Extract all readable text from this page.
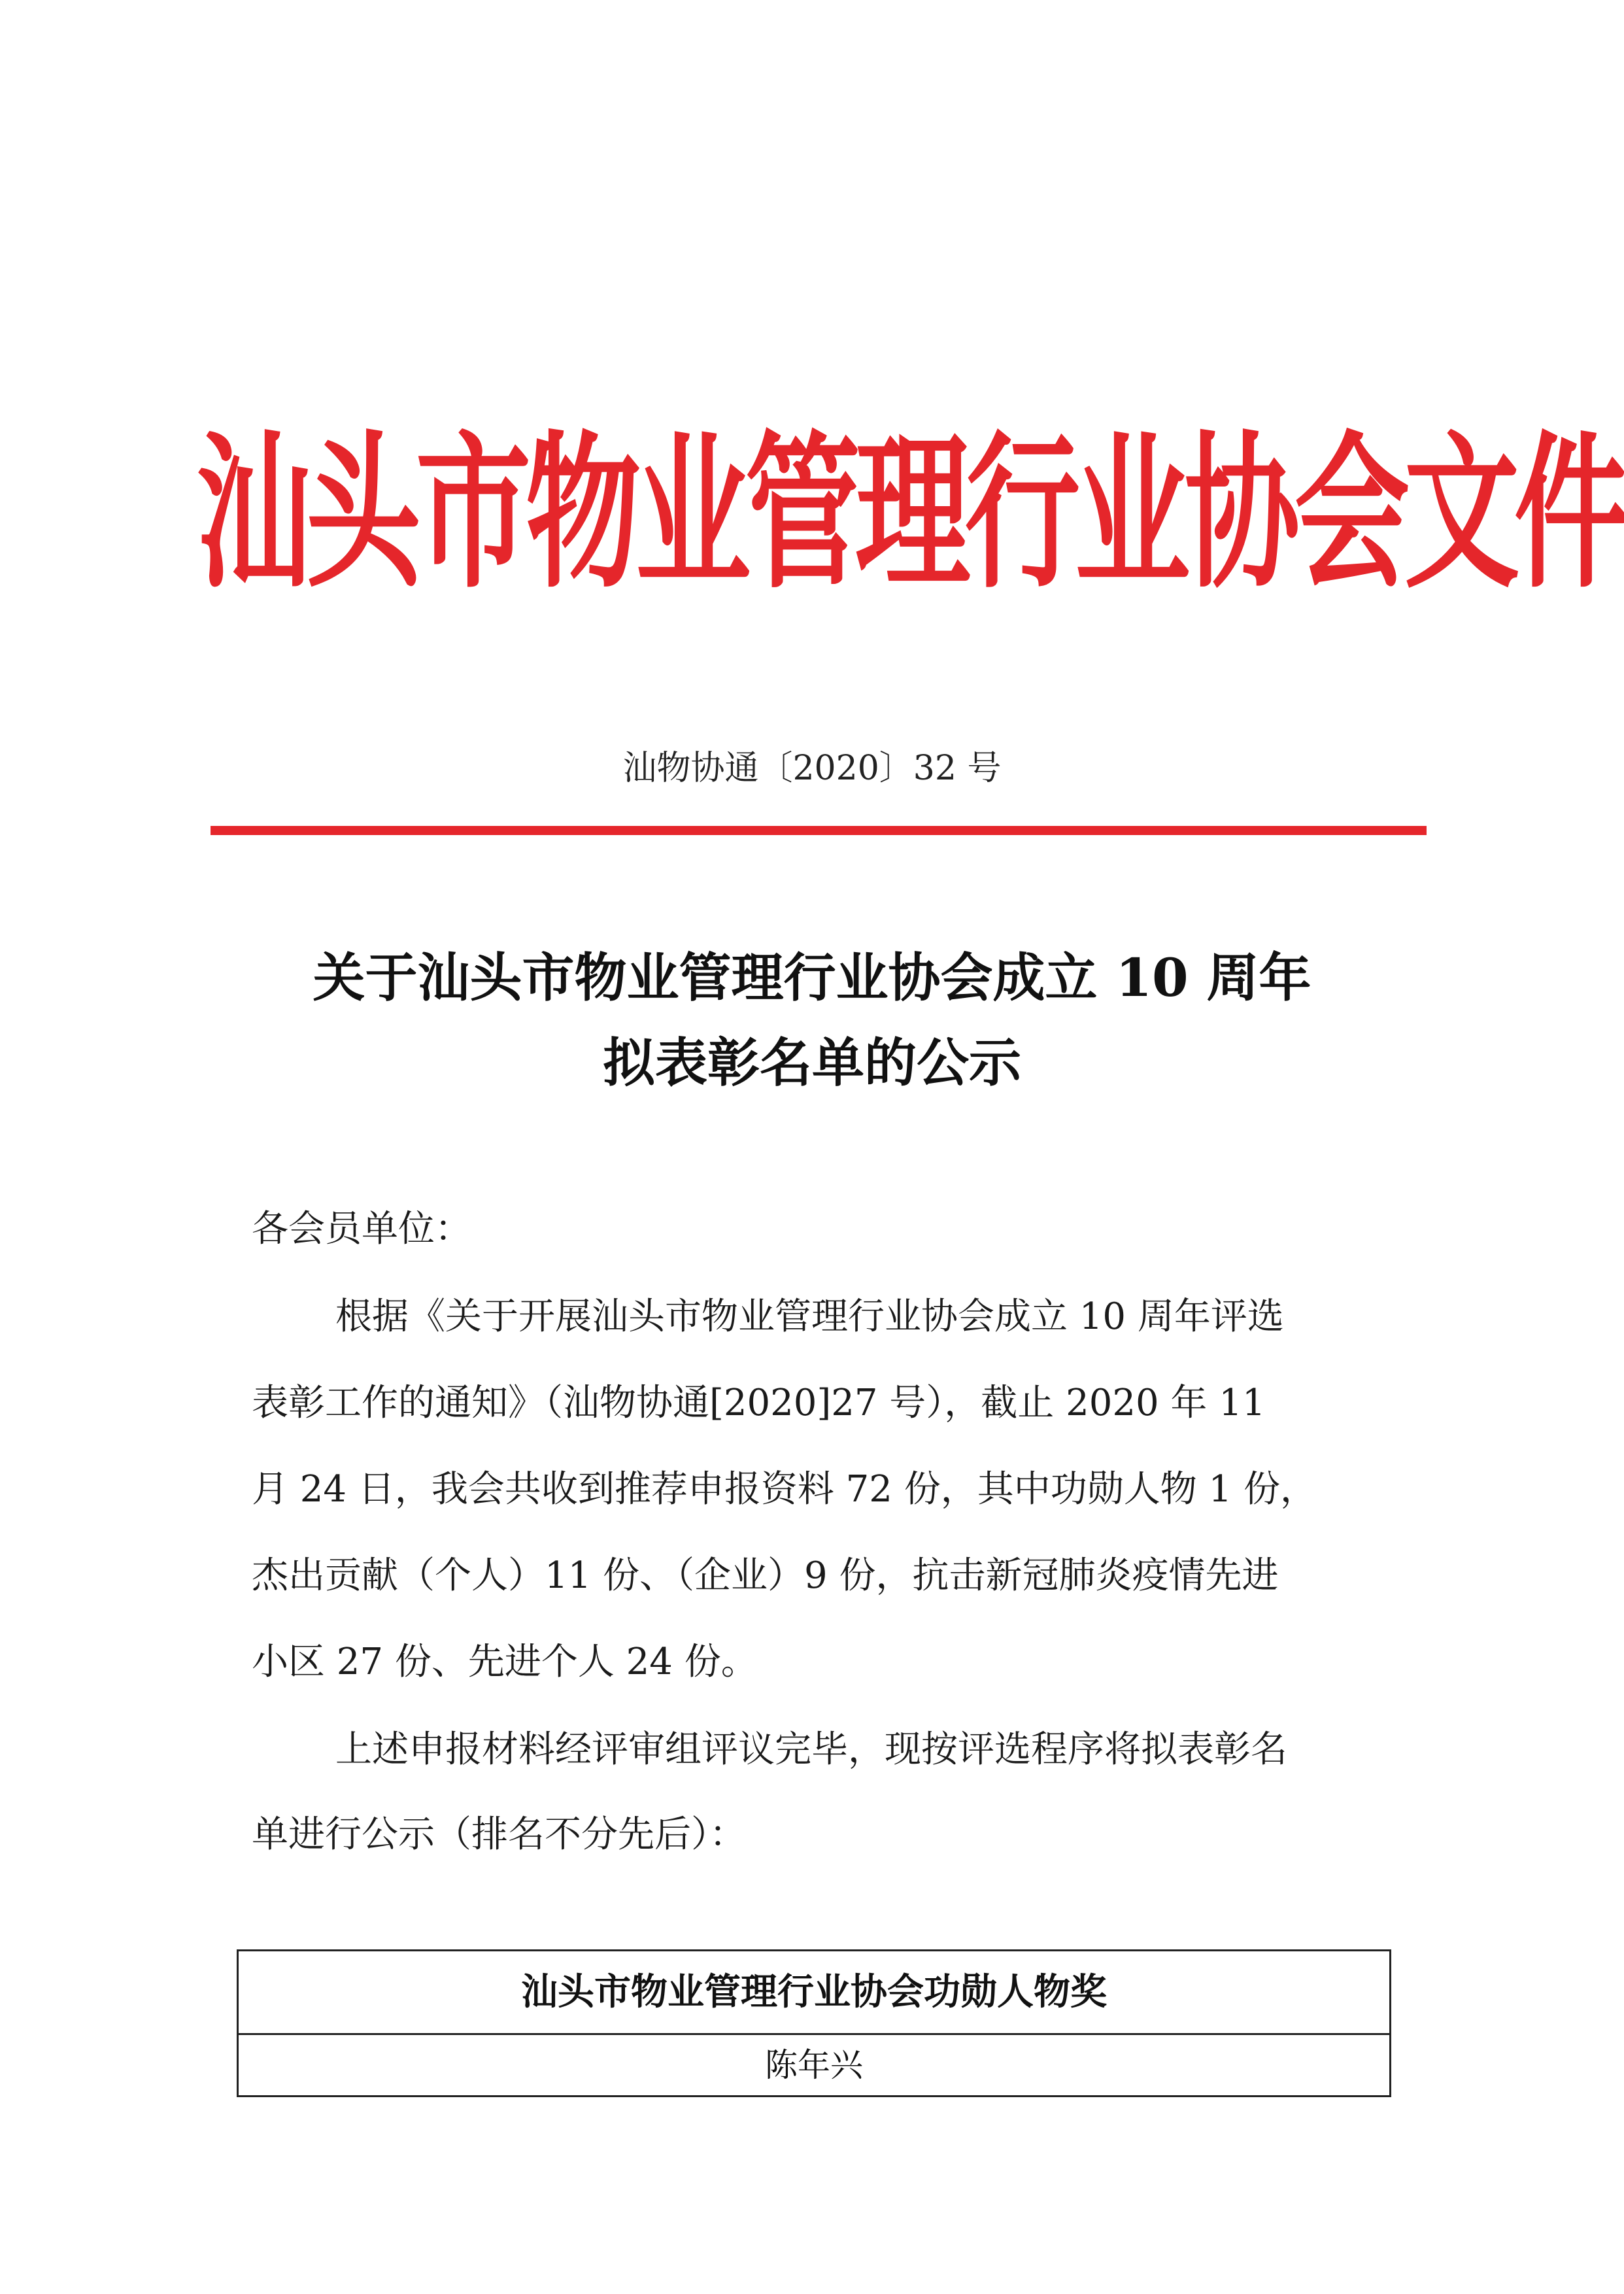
汕头市物业管理行业协会文件
汕物协通〔2020〕32 号
关于汕头市物业管理行业协会成立 10 周年
拟表彰名单的公示
各会员单位：
根据《关于开展汕头市物业管理行业协会成立 10 周年评选
表彰工作的通知》（汕物协通[2020]27 号），截止 2020 年 11
月 24 日，我会共收到推荐申报资料 72 份，其中功勋人物 1 份，
杰出贡献（个人）11 份、（企业）9 份，抗击新冠肺炎疫情先进
小区 27 份、先进个人 24 份。
上述申报材料经评审组评议完毕，现按评选程序将拟表彰名
单进行公示（排名不分先后）：
汕头市物业管理行业协会功勋人物奖
陈年兴
